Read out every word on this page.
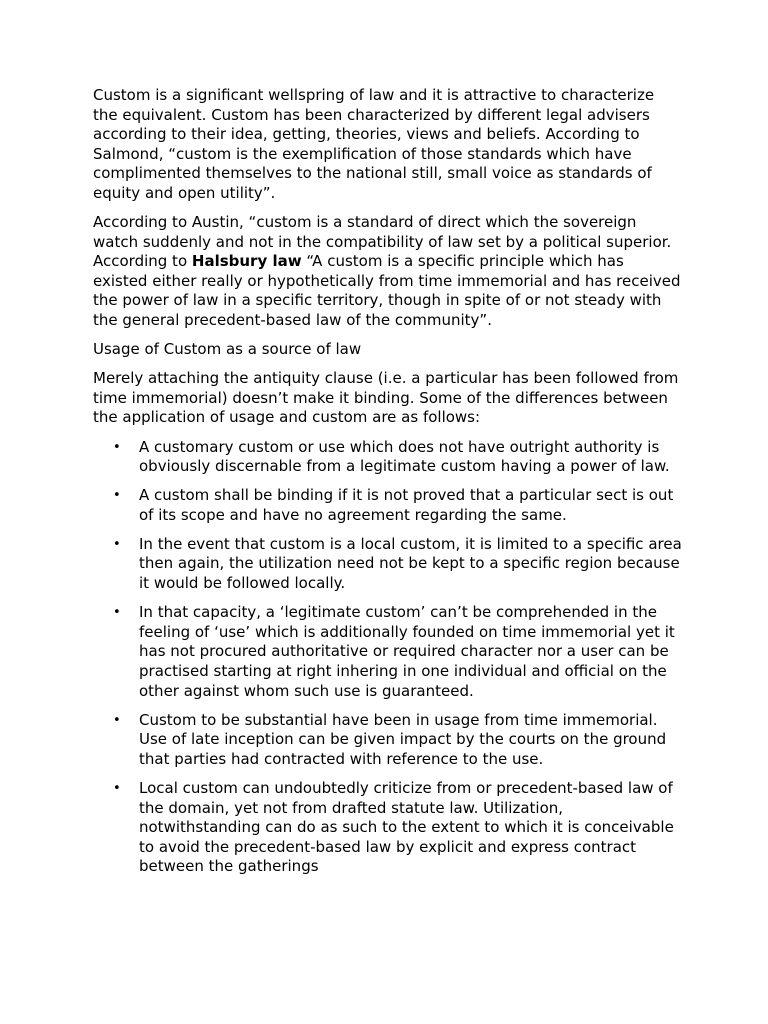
Custom is a significant wellspring of law and it is attractive to characterize the equivalent. Custom has been characterized by different legal advisers according to their idea, getting, theories, views and beliefs. According to Salmond, “custom is the exemplification of those standards which have complimented themselves to the national still, small voice as standards of equity and open utility”.

According to Austin, “custom is a standard of direct which the sovereign watch suddenly and not in the compatibility of law set by a political superior. According to Halsbury law “A custom is a specific principle which has existed either really or hypothetically from time immemorial and has received the power of law in a specific territory, though in spite of or not steady with the general precedent-based law of the community”.

Usage of Custom as a source of law

Merely attaching the antiquity clause (i.e. a particular has been followed from time immemorial) doesn’t make it binding. Some of the differences between the application of usage and custom are as follows:

• A customary custom or use which does not have outright authority is obviously discernable from a legitimate custom having a power of law.
• A custom shall be binding if it is not proved that a particular sect is out of its scope and have no agreement regarding the same.
• In the event that custom is a local custom, it is limited to a specific area then again, the utilization need not be kept to a specific region because it would be followed locally.
• In that capacity, a ‘legitimate custom’ can’t be comprehended in the feeling of ‘use’ which is additionally founded on time immemorial yet it has not procured authoritative or required character nor a user can be practised starting at right inhering in one individual and official on the other against whom such use is guaranteed.
• Custom to be substantial have been in usage from time immemorial. Use of late inception can be given impact by the courts on the ground that parties had contracted with reference to the use.
• Local custom can undoubtedly criticize from or precedent-based law of the domain, yet not from drafted statute law. Utilization, notwithstanding can do as such to the extent to which it is conceivable to avoid the precedent-based law by explicit and express contract between the gatherings
